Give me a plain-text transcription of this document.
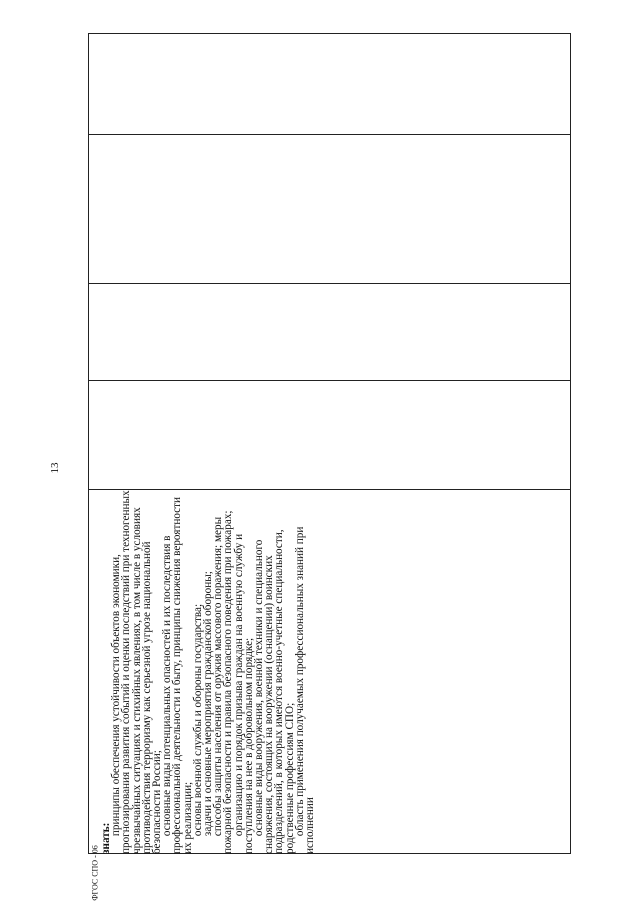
13
ФГОС СПО - 06
знать:

принципы обеспечения устойчивости объектов экономики, прогнозирования развития событий и оценки последствий при техногенных чрезвычайных ситуациях и стихийных явлениях, в том числе в условиях противодействия терроризму как серьезной угрозе национальной безопасности России;

основные виды потенциальных опасностей и их последствия в профессиональной деятельности и быту, принципы снижения вероятности их реализации;

основы военной службы и обороны государства;

задачи и основные мероприятия гражданской обороны;

способы защиты населения от оружия массового поражения; меры пожарной безопасности и правила безопасного поведения при пожарах;

организацию и порядок призыва граждан на военную службу и поступления на нее в добровольном порядке;

основные виды вооружения, военной техники и специального снаряжения, состоящих на вооружении (оснащении) воинских подразделений, в которых имеются военно-учетные специальности, родственные профессиям СПО;

область применения получаемых профессиональных знаний при исполнении
